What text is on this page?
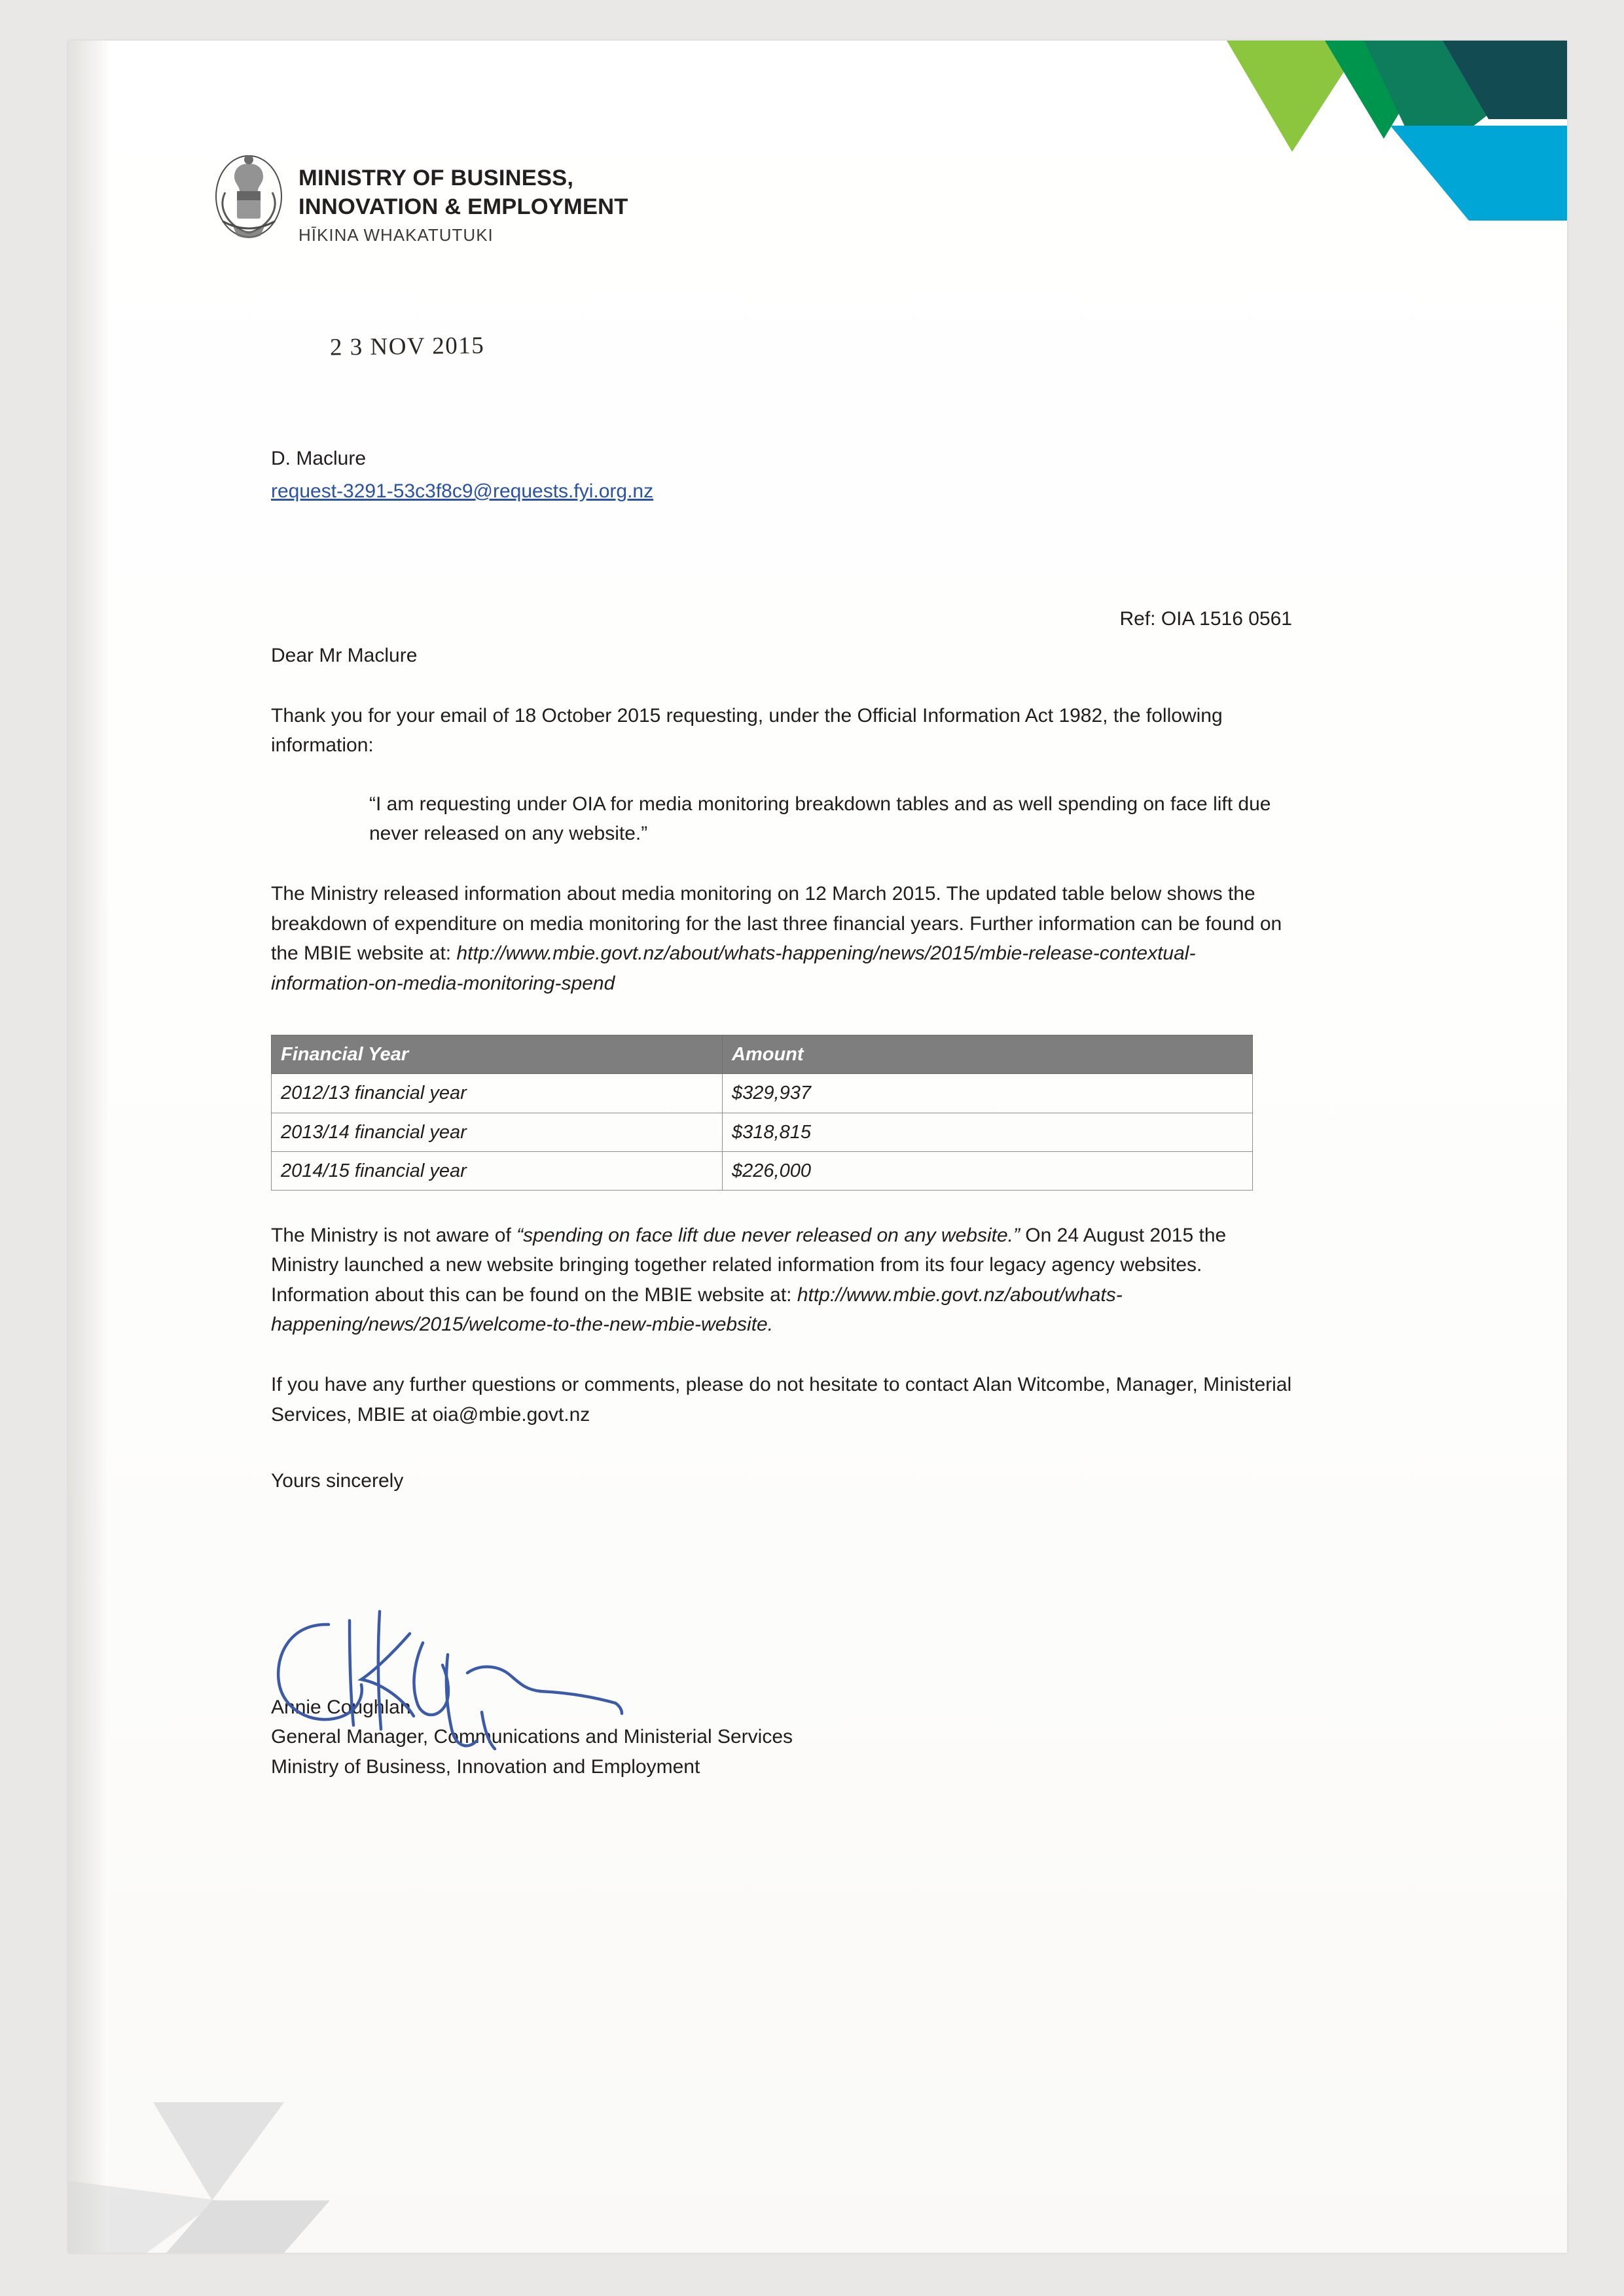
MINISTRY OF BUSINESS,
INNOVATION & EMPLOYMENT
HĪKINA WHAKATUTUKI
2 3 NOV 2015
D. Maclure
request-3291-53c3f8c9@requests.fyi.org.nz
Ref: OIA 1516 0561
Dear Mr Maclure
Thank you for your email of 18 October 2015 requesting, under the Official Information Act 1982, the following information:
“I am requesting under OIA for media monitoring breakdown tables and as well spending on face lift due never released on any website.”
The Ministry released information about media monitoring on 12 March 2015. The updated table below shows the breakdown of expenditure on media monitoring for the last three financial years. Further information can be found on the MBIE website at: http://www.mbie.govt.nz/about/whats-happening/news/2015/mbie-release-contextual-information-on-media-monitoring-spend
Financial Year	Amount
2012/13 financial year	$329,937
2013/14 financial year	$318,815
2014/15 financial year	$226,000
The Ministry is not aware of “spending on face lift due never released on any website.” On 24 August 2015 the Ministry launched a new website bringing together related information from its four legacy agency websites. Information about this can be found on the MBIE website at: http://www.mbie.govt.nz/about/whats-happening/news/2015/welcome-to-the-new-mbie-website.
If you have any further questions or comments, please do not hesitate to contact Alan Witcombe, Manager, Ministerial Services, MBIE at oia@mbie.govt.nz
Yours sincerely
Annie Coughlan
General Manager, Communications and Ministerial Services
Ministry of Business, Innovation and Employment
